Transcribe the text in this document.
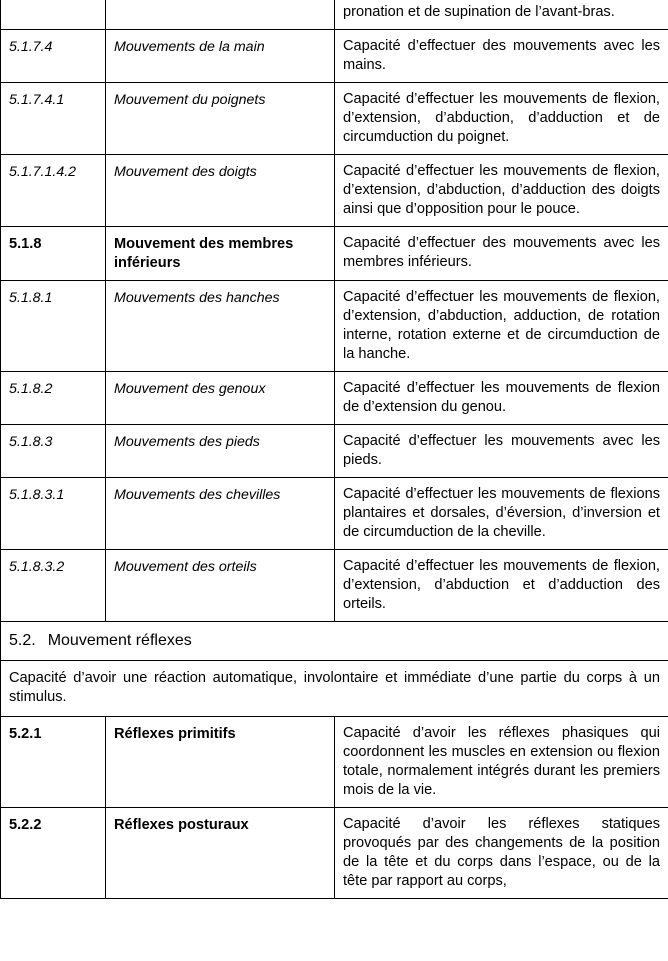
		pronation et de supination de l’avant-bras.
5.1.7.4	Mouvements de la main	Capacité d’effectuer des mouvements avec les mains.
5.1.7.4.1	Mouvement du poignets	Capacité d’effectuer les mouvements de flexion, d’extension, d’abduction, d’adduction et de circumduction du poignet.
5.1.7.1.4.2	Mouvement des doigts	Capacité d’effectuer les mouvements de flexion, d’extension, d’abduction, d’adduction des doigts ainsi que d’opposition pour le pouce.
5.1.8	Mouvement des membres inférieurs	Capacité d’effectuer des mouvements avec les membres inférieurs.
5.1.8.1	Mouvements des hanches	Capacité d’effectuer les mouvements de flexion, d’extension, d’abduction, adduction, de rotation interne, rotation externe et de circumduction de la hanche.
5.1.8.2	Mouvement des genoux	Capacité d’effectuer les mouvements de flexion de d’extension du genou.
5.1.8.3	Mouvements des pieds	Capacité d’effectuer les mouvements avec les pieds.
5.1.8.3.1	Mouvements des chevilles	Capacité d’effectuer les mouvements de flexions plantaires et dorsales, d’éversion, d’inversion et de circumduction de la cheville.
5.1.8.3.2	Mouvement des orteils	Capacité d’effectuer les mouvements de flexion, d’extension, d’abduction et d’adduction des orteils.
5.2. Mouvement réflexes		
Capacité d’avoir une réaction automatique, involontaire et immédiate d’une partie du corps à un stimulus.		
5.2.1	Réflexes primitifs	Capacité d’avoir les réflexes phasiques qui coordonnent les muscles en extension ou flexion totale, normalement intégrés durant les premiers mois de la vie.
5.2.2	Réflexes posturaux	Capacité d’avoir les réflexes statiques provoqués par des changements de la position de la tête et du corps dans l’espace, ou de la tête par rapport au corps,
